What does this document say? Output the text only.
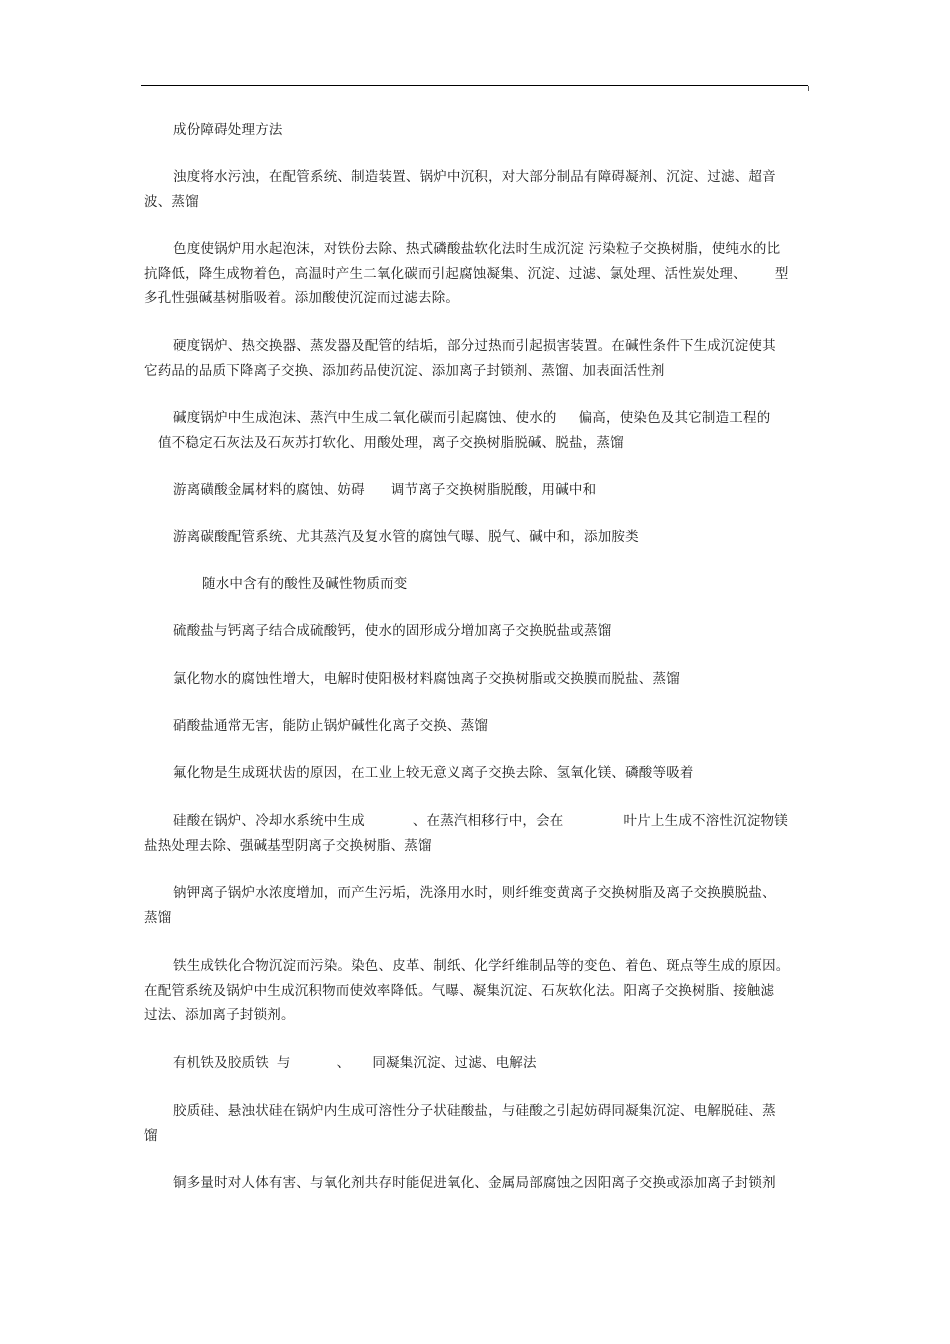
成份障碍处理方法

浊度将水污浊，在配管系统、制造装置、锅炉中沉积，对大部分制品有障碍凝剂、沉淀、过滤、超音
波、蒸馏

色度使锅炉用水起泡沫，对铁份去除、热式磷酸盐软化法时生成沉淀 污染粒子交换树脂，使纯水的比
抗降低，降生成物着色，高温时产生二氧化碳而引起腐蚀凝集、沉淀、过滤、氯处理、活性炭处理、 型
多孔性强碱基树脂吸着。添加酸使沉淀而过滤去除。

硬度锅炉、热交换器、蒸发器及配管的结垢，部分过热而引起损害装置。在碱性条件下生成沉淀使其
它药品的品质下降离子交换、添加药品使沉淀、添加离子封锁剂、蒸馏、加表面活性剂

碱度锅炉中生成泡沫、蒸汽中生成二氧化碳而引起腐蚀、使水的 偏高，使染色及其它制造工程的
值不稳定石灰法及石灰苏打软化、用酸处理，离子交换树脂脱碱、脱盐，蒸馏

游离磺酸金属材料的腐蚀、妨碍 调节离子交换树脂脱酸，用碱中和

游离碳酸配管系统、尤其蒸汽及复水管的腐蚀气曝、脱气、碱中和，添加胺类

随水中含有的酸性及碱性物质而变

硫酸盐与钙离子结合成硫酸钙，使水的固形成分增加离子交换脱盐或蒸馏

氯化物水的腐蚀性增大，电解时使阳极材料腐蚀离子交换树脂或交换膜而脱盐、蒸馏

硝酸盐通常无害，能防止锅炉碱性化离子交换、蒸馏

氟化物是生成斑状齿的原因，在工业上较无意义离子交换去除、氢氧化镁、磷酸等吸着

硅酸在锅炉、冷却水系统中生成	、在蒸汽相移行中，会在	叶片上生成不溶性沉淀物镁
盐热处理去除、强碱基型阴离子交换树脂、蒸馏

钠钾离子锅炉水浓度增加，而产生污垢，洗涤用水时，则纤维变黄离子交换树脂及离子交换膜脱盐、
蒸馏

铁生成铁化合物沉淀而污染。染色、皮革、制纸、化学纤维制品等的变色、着色、斑点等生成的原因。
在配管系统及锅炉中生成沉积物而使效率降低。气曝、凝集沉淀、石灰软化法。阳离子交换树脂、接触滤
过法、添加离子封锁剂。

有机铁及胶质铁 与	、 同凝集沉淀、过滤、电解法

胶质硅、悬浊状硅在锅炉内生成可溶性分子状硅酸盐，与硅酸之引起妨碍同凝集沉淀、电解脱硅、蒸
馏

铜多量时对人体有害、与氧化剂共存时能促进氧化、金属局部腐蚀之因阳离子交换或添加离子封锁剂
